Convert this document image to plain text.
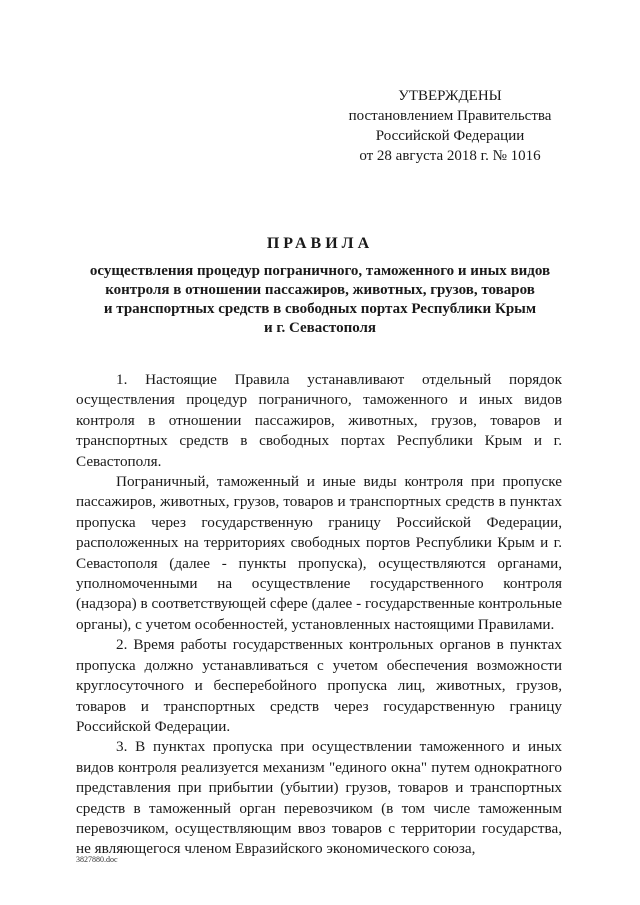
УТВЕРЖДЕНЫ
постановлением Правительства
Российской Федерации
от 28 августа 2018 г. № 1016
ПРАВИЛА
осуществления процедур пограничного, таможенного и иных видов
контроля в отношении пассажиров, животных, грузов, товаров
и транспортных средств в свободных портах Республики Крым
и г. Севастополя

1. Настоящие Правила устанавливают отдельный порядок осуществления процедур пограничного, таможенного и иных видов контроля в отношении пассажиров, животных, грузов, товаров и транспортных средств в свободных портах Республики Крым и г. Севастополя.

Пограничный, таможенный и иные виды контроля при пропуске пассажиров, животных, грузов, товаров и транспортных средств в пунктах пропуска через государственную границу Российской Федерации, расположенных на территориях свободных портов Республики Крым и г. Севастополя (далее - пункты пропуска), осуществляются органами, уполномоченными на осуществление государственного контроля (надзора) в соответствующей сфере (далее - государственные контрольные органы), с учетом особенностей, установленных настоящими Правилами.

2. Время работы государственных контрольных органов в пунктах пропуска должно устанавливаться с учетом обеспечения возможности круглосуточного и бесперебойного пропуска лиц, животных, грузов, товаров и транспортных средств через государственную границу Российской Федерации.

3. В пунктах пропуска при осуществлении таможенного и иных видов контроля реализуется механизм "единого окна" путем однократного представления при прибытии (убытии) грузов, товаров и транспортных средств в таможенный орган перевозчиком (в том числе таможенным перевозчиком, осуществляющим ввоз товаров с территории государства, не являющегося членом Евразийского экономического союза,

3827880.doc
